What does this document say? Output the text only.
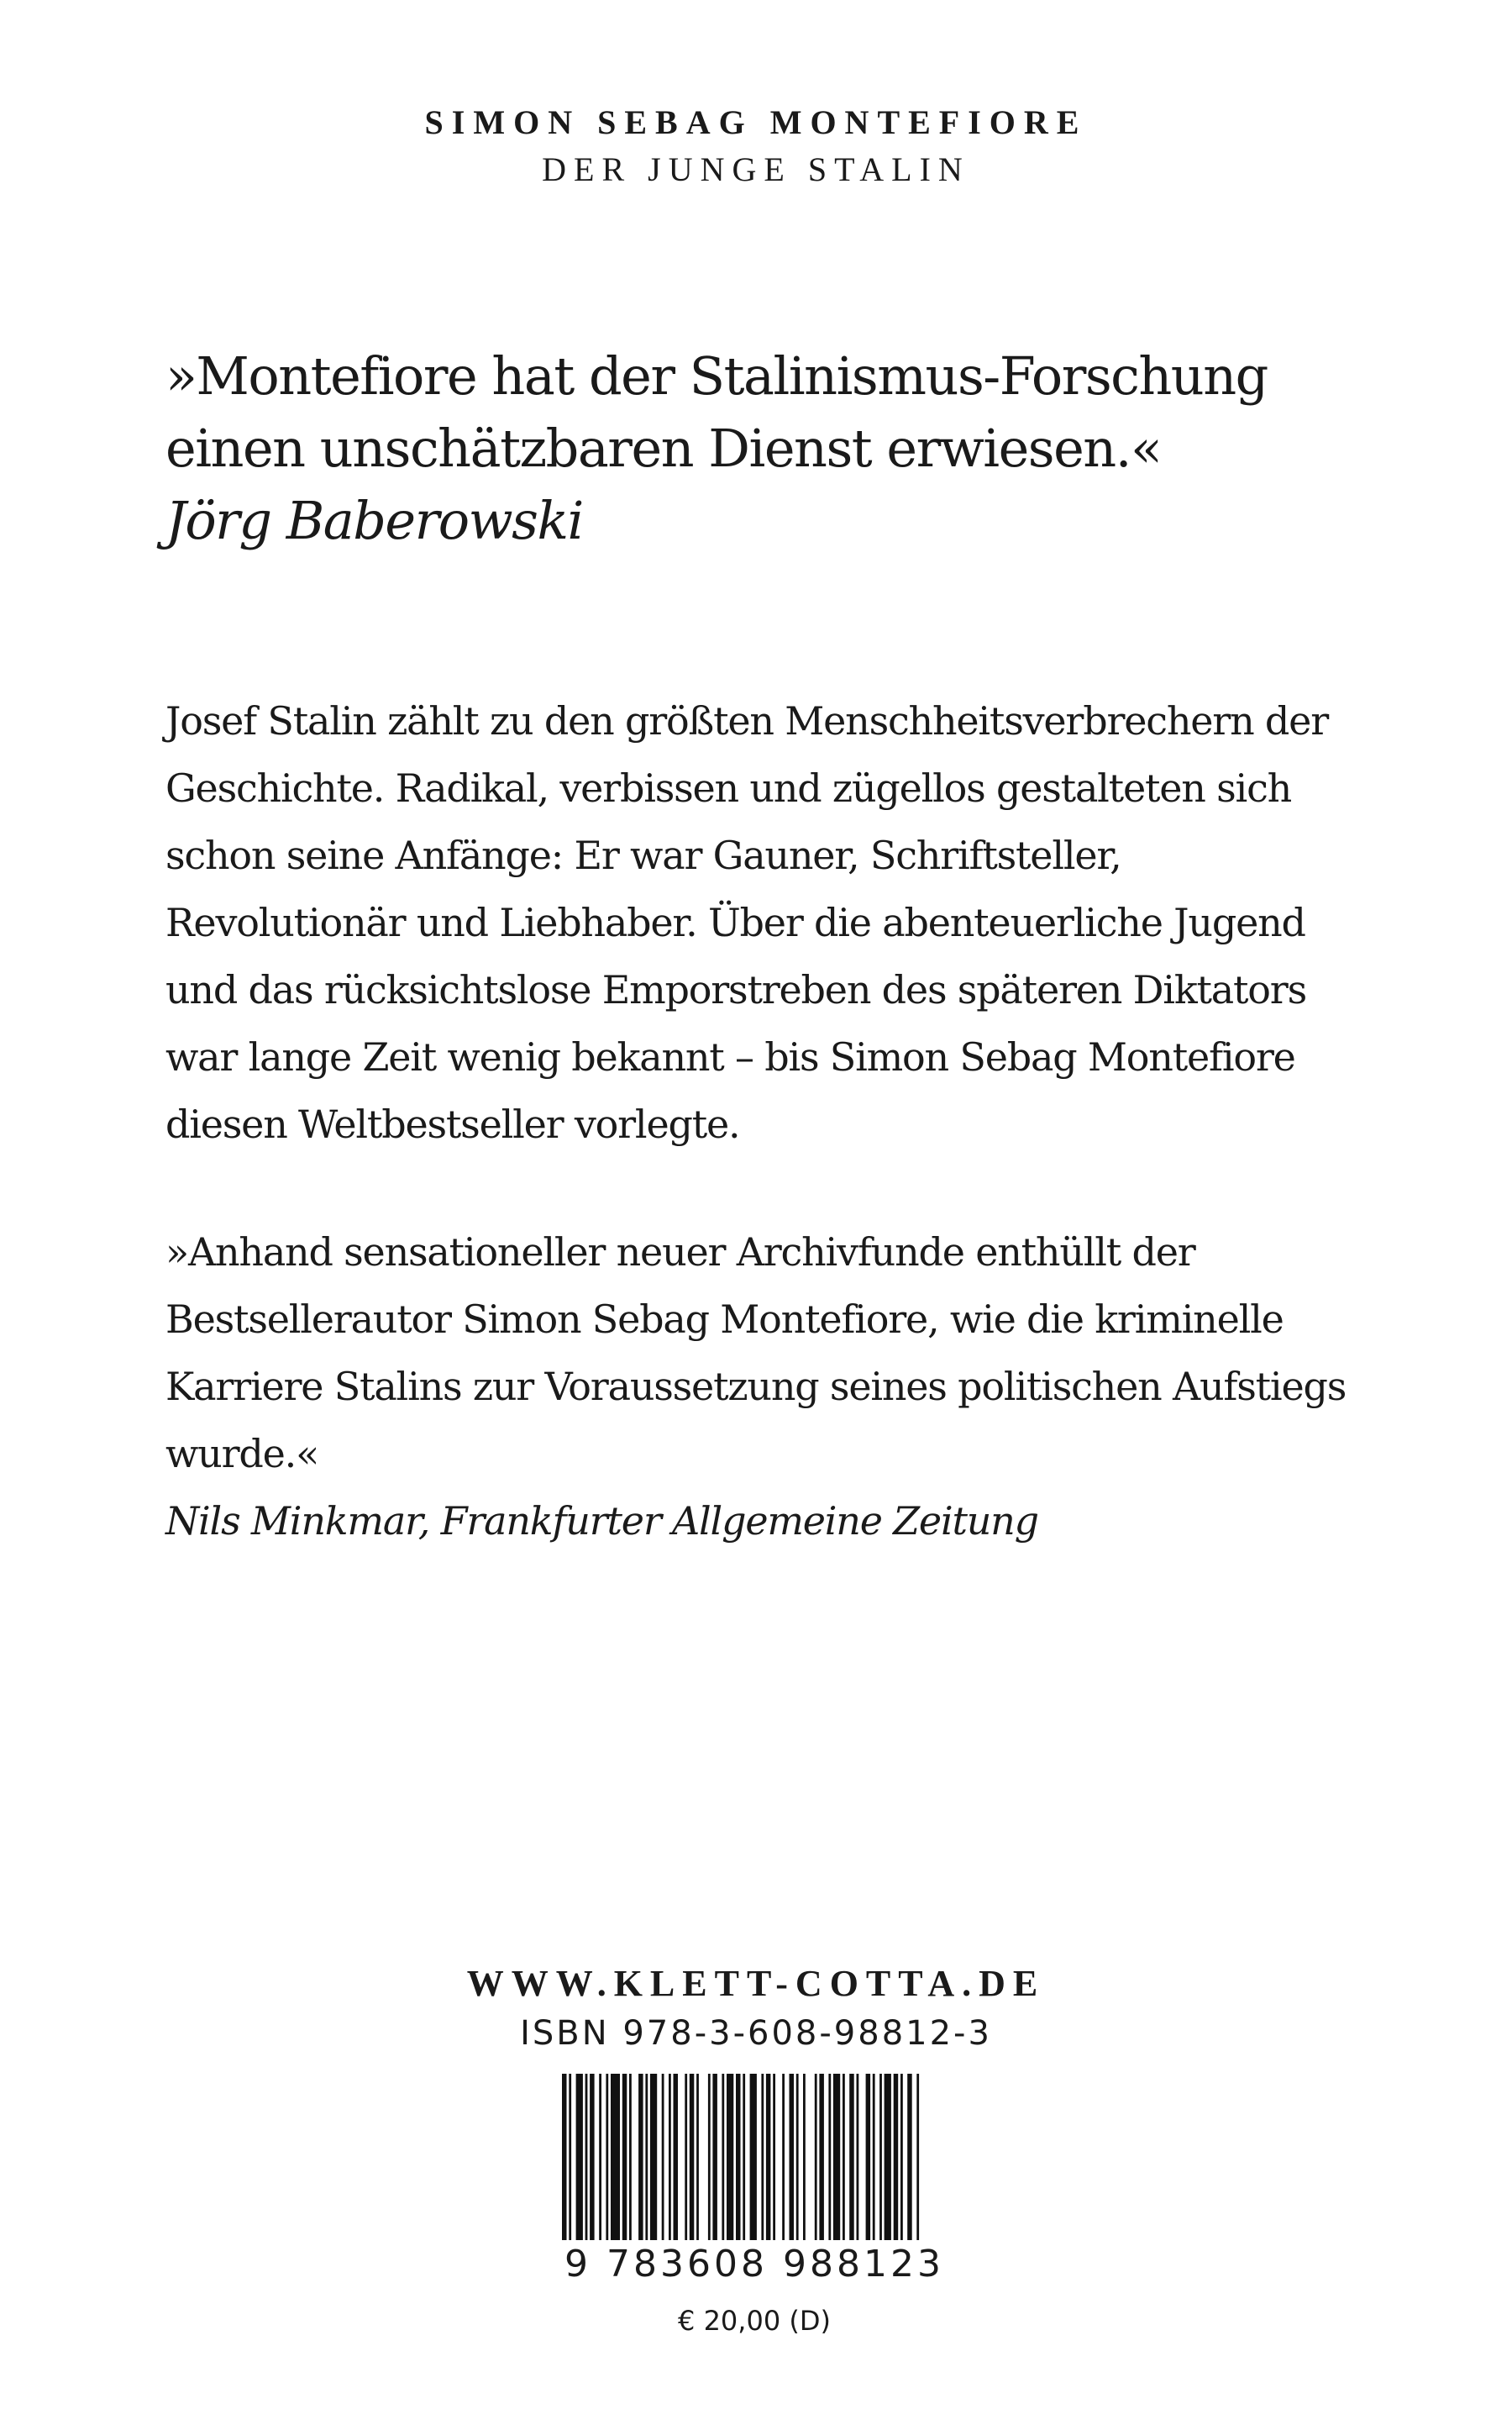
SIMON SEBAG MONTEFIORE
DER JUNGE STALIN
»Montefiore hat der Stalinismus-Forschung einen unschätzbaren Dienst erwiesen.«
Jörg Baberowski
Josef Stalin zählt zu den größten Menschheitsverbrechern der Geschichte. Radikal, verbissen und zügellos gestalteten sich schon seine Anfänge: Er war Gauner, Schriftsteller, Revolutionär und Liebhaber. Über die abenteuerliche Jugend und das rücksichtslose Emporstreben des späteren Diktators war lange Zeit wenig bekannt – bis Simon Sebag Montefiore diesen Weltbestseller vorlegte.
»Anhand sensationeller neuer Archivfunde enthüllt der Bestsellerautor Simon Sebag Montefiore, wie die kriminelle Karriere Stalins zur Voraussetzung seines politischen Aufstiegs wurde.«
Nils Minkmar, Frankfurter Allgemeine Zeitung
WWW.KLETT-COTTA.DE
ISBN 978-3-608-98812-3
9 783608 988123
€ 20,00 (D)
